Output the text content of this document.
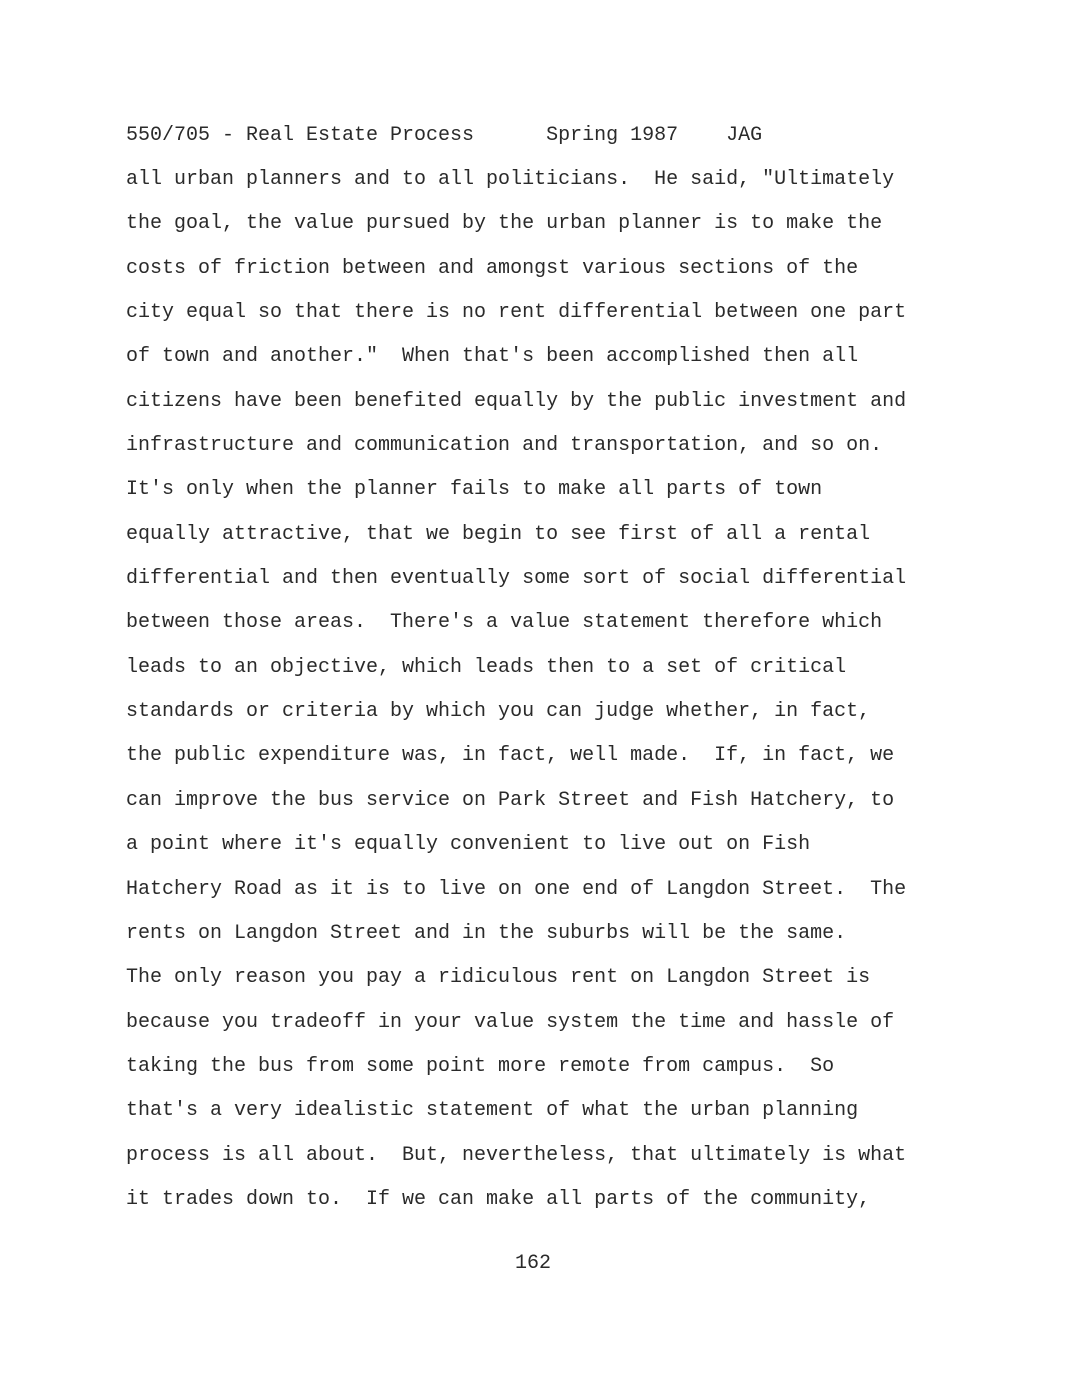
550/705 - Real Estate Process      Spring 1987    JAG
all urban planners and to all politicians.  He said, "Ultimately
the goal, the value pursued by the urban planner is to make the
costs of friction between and amongst various sections of the
city equal so that there is no rent differential between one part
of town and another."  When that's been accomplished then all
citizens have been benefited equally by the public investment and
infrastructure and communication and transportation, and so on.
It's only when the planner fails to make all parts of town
equally attractive, that we begin to see first of all a rental
differential and then eventually some sort of social differential
between those areas.  There's a value statement therefore which
leads to an objective, which leads then to a set of critical
standards or criteria by which you can judge whether, in fact,
the public expenditure was, in fact, well made.  If, in fact, we
can improve the bus service on Park Street and Fish Hatchery, to
a point where it's equally convenient to live out on Fish
Hatchery Road as it is to live on one end of Langdon Street.  The
rents on Langdon Street and in the suburbs will be the same.
The only reason you pay a ridiculous rent on Langdon Street is
because you tradeoff in your value system the time and hassle of
taking the bus from some point more remote from campus.  So
that's a very idealistic statement of what the urban planning
process is all about.  But, nevertheless, that ultimately is what
it trades down to.  If we can make all parts of the community,
162
